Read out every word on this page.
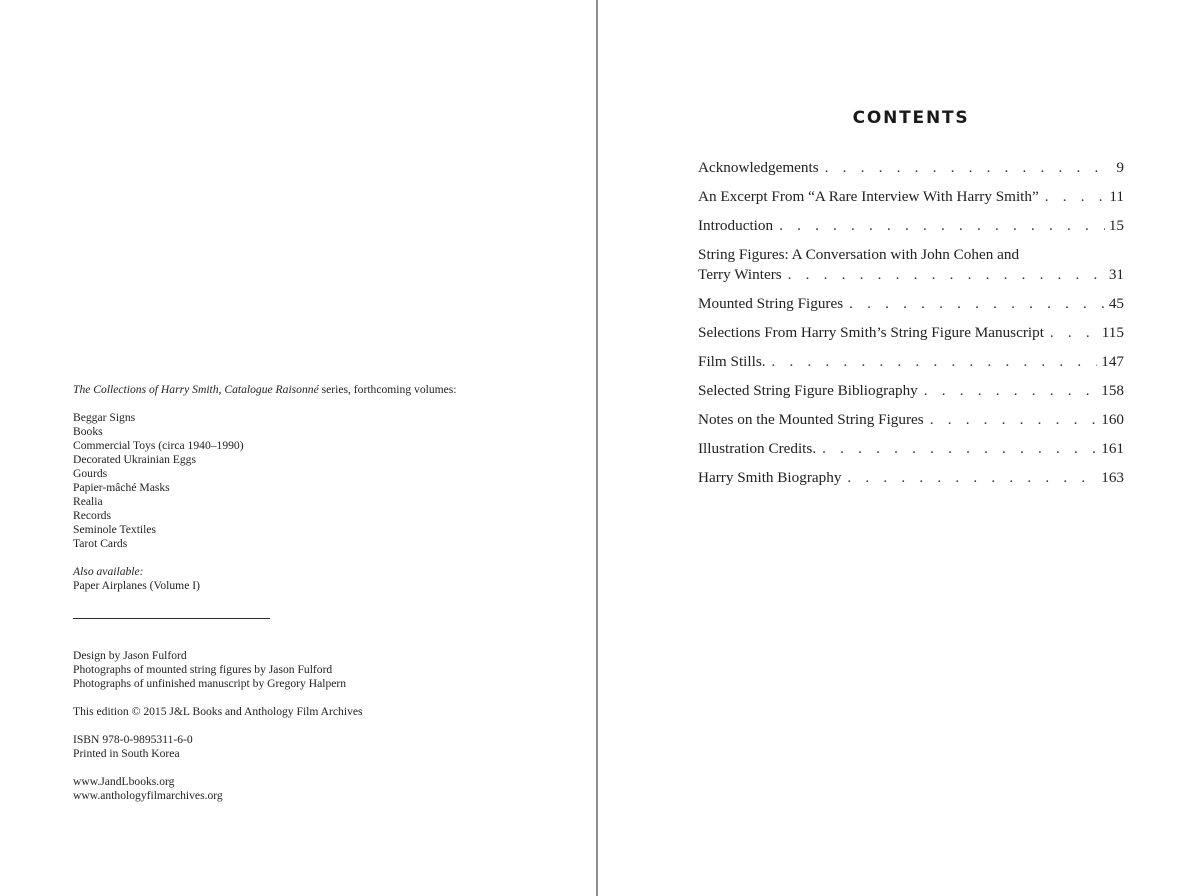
The Collections of Harry Smith, Catalogue Raisonné series, forthcoming volumes:

Beggar Signs
Books
Commercial Toys (circa 1940–1990)
Decorated Ukrainian Eggs
Gourds
Papier-mâché Masks
Realia
Records
Seminole Textiles
Tarot Cards
Also available:
Paper Airplanes (Volume I)
Design by Jason Fulford
Photographs of mounted string figures by Jason Fulford
Photographs of unfinished manuscript by Gregory Halpern
This edition © 2015 J&L Books and Anthology Film Archives
ISBN 978-0-9895311-6-0
Printed in South Korea
www.JandLbooks.org
www.anthologyfilmarchives.org
CONTENTS
Acknowledgements . . .	9
An Excerpt From “A Rare Interview With Harry Smith” . . .	11
Introduction . . .	15
String Figures: A Conversation with John Cohen and
Terry Winters . . .	31
Mounted String Figures . . .	45
Selections From Harry Smith’s String Figure Manuscript . . .	115
Film Stills. . . .	147
Selected String Figure Bibliography . . .	158
Notes on the Mounted String Figures . . .	160
Illustration Credits. . . .	161
Harry Smith Biography . . .	163
